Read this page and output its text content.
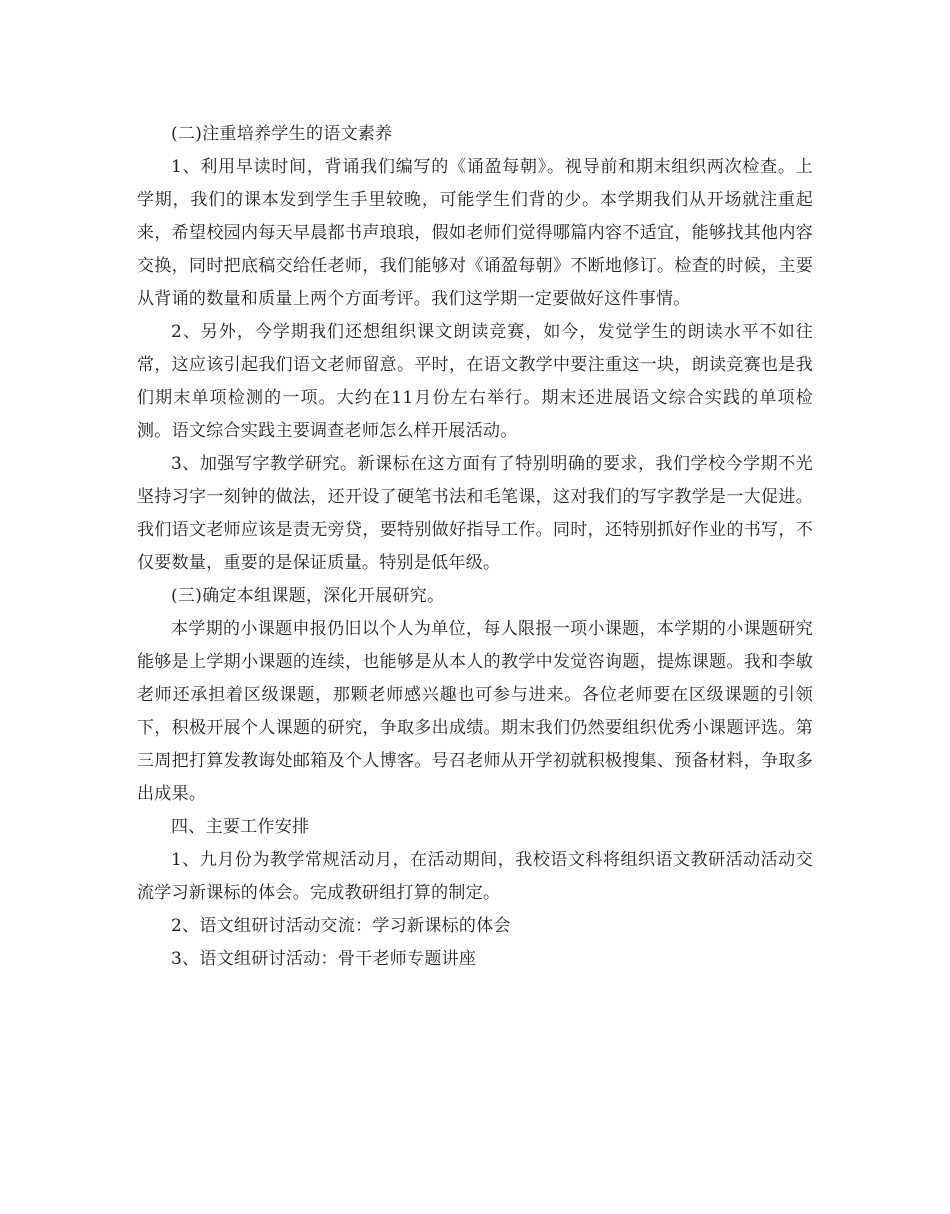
(二)注重培养学生的语文素养

1、利用早读时间，背诵我们编写的《诵盈每朝》。视导前和期末组织两次检查。上学期，我们的课本发到学生手里较晚，可能学生们背的少。本学期我们从开场就注重起来，希望校园内每天早晨都书声琅琅，假如老师们觉得哪篇内容不适宜，能够找其他内容交换，同时把底稿交给任老师，我们能够对《诵盈每朝》不断地修订。检查的时候，主要从背诵的数量和质量上两个方面考评。我们这学期一定要做好这件事情。

2、另外，今学期我们还想组织课文朗读竞赛，如今，发觉学生的朗读水平不如往常，这应该引起我们语文老师留意。平时，在语文教学中要注重这一块，朗读竞赛也是我们期末单项检测的一项。大约在11月份左右举行。期末还进展语文综合实践的单项检测。语文综合实践主要调查老师怎么样开展活动。

3、加强写字教学研究。新课标在这方面有了特别明确的要求，我们学校今学期不光坚持习字一刻钟的做法，还开设了硬笔书法和毛笔课，这对我们的写字教学是一大促进。我们语文老师应该是责无旁贷，要特别做好指导工作。同时，还特别抓好作业的书写，不仅要数量，重要的是保证质量。特别是低年级。

(三)确定本组课题，深化开展研究。

本学期的小课题申报仍旧以个人为单位，每人限报一项小课题，本学期的小课题研究能够是上学期小课题的连续，也能够是从本人的教学中发觉咨询题，提炼课题。我和李敏老师还承担着区级课题，那颗老师感兴趣也可参与进来。各位老师要在区级课题的引领下，积极开展个人课题的研究，争取多出成绩。期末我们仍然要组织优秀小课题评选。第三周把打算发教诲处邮箱及个人博客。号召老师从开学初就积极搜集、预备材料，争取多出成果。

四、主要工作安排

1、九月份为教学常规活动月，在活动期间，我校语文科将组织语文教研活动活动交流学习新课标的体会。完成教研组打算的制定。

2、语文组研讨活动交流：学习新课标的体会

3、语文组研讨活动：骨干老师专题讲座
